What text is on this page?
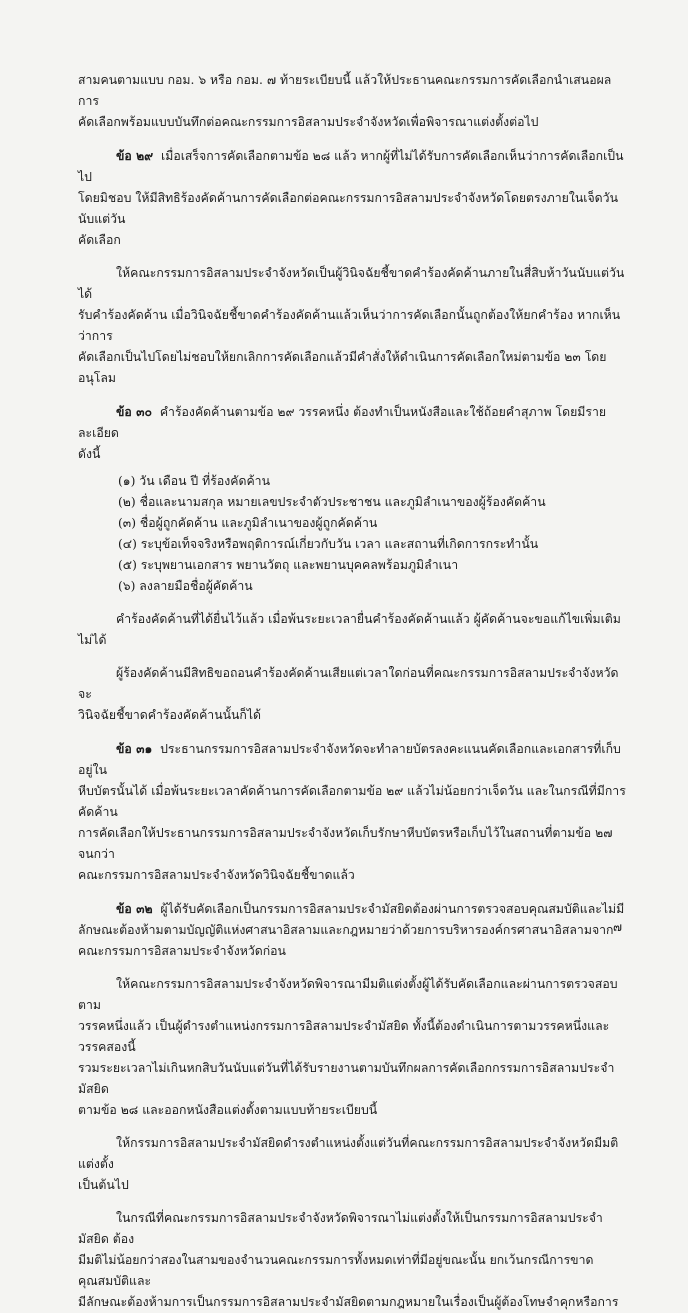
สามคนตามแบบ กอม. ๖ หรือ กอม. ๗ ท้ายระเบียบนี้ แล้วให้ประธานคณะกรรมการคัดเลือกนำเสนอผลการ

คัดเลือกพร้อมแบบบันทึกต่อคณะกรรมการอิสลามประจำจังหวัดเพื่อพิจารณาแต่งตั้งต่อไป

ข้อ ๒๙ เมื่อเสร็จการคัดเลือกตามข้อ ๒๘ แล้ว หากผู้ที่ไม่ได้รับการคัดเลือกเห็นว่าการคัดเลือกเป็นไป

โดยมิชอบ ให้มีสิทธิร้องคัดค้านการคัดเลือกต่อคณะกรรมการอิสลามประจำจังหวัดโดยตรงภายในเจ็ดวันนับแต่วัน

คัดเลือก

ให้คณะกรรมการอิสลามประจำจังหวัดเป็นผู้วินิจฉัยชี้ขาดคำร้องคัดค้านภายในสี่สิบห้าวันนับแต่วันได้

รับคำร้องคัดค้าน เมื่อวินิจฉัยชี้ขาดคำร้องคัดค้านแล้วเห็นว่าการคัดเลือกนั้นถูกต้องให้ยกคำร้อง หากเห็นว่าการ

คัดเลือกเป็นไปโดยไม่ชอบให้ยกเลิกการคัดเลือกแล้วมีคำสั่งให้ดำเนินการคัดเลือกใหม่ตามข้อ ๒๓ โดยอนุโลม

ข้อ ๓๐ คำร้องคัดค้านตามข้อ ๒๙ วรรคหนึ่ง ต้องทำเป็นหนังสือและใช้ถ้อยคำสุภาพ โดยมีรายละเอียด

ดังนี้

(๑) วัน เดือน ปี ที่ร้องคัดค้าน

(๒) ชื่อและนามสกุล หมายเลขประจำตัวประชาชน และภูมิลำเนาของผู้ร้องคัดค้าน

(๓) ชื่อผู้ถูกคัดค้าน และภูมิลำเนาของผู้ถูกคัดค้าน

(๔) ระบุข้อเท็จจริงหรือพฤติการณ์เกี่ยวกับวัน เวลา และสถานที่เกิดการกระทำนั้น

(๕) ระบุพยานเอกสาร พยานวัตถุ และพยานบุคคลพร้อมภูมิลำเนา

(๖) ลงลายมือชื่อผู้คัดค้าน

คำร้องคัดค้านที่ได้ยื่นไว้แล้ว เมื่อพ้นระยะเวลายื่นคำร้องคัดค้านแล้ว ผู้คัดค้านจะขอแก้ไขเพิ่มเติมไม่ได้

ผู้ร้องคัดค้านมีสิทธิขอถอนคำร้องคัดค้านเสียแต่เวลาใดก่อนที่คณะกรรมการอิสลามประจำจังหวัดจะ

วินิจฉัยชี้ขาดคำร้องคัดค้านนั้นก็ได้

ข้อ ๓๑ ประธานกรรมการอิสลามประจำจังหวัดจะทำลายบัตรลงคะแนนคัดเลือกและเอกสารที่เก็บอยู่ใน

หีบบัตรนั้นได้ เมื่อพ้นระยะเวลาคัดค้านการคัดเลือกตามข้อ ๒๙ แล้วไม่น้อยกว่าเจ็ดวัน และในกรณีที่มีการคัดค้าน

การคัดเลือกให้ประธานกรรมการอิสลามประจำจังหวัดเก็บรักษาหีบบัตรหรือเก็บไว้ในสถานที่ตามข้อ ๒๗ จนกว่า

คณะกรรมการอิสลามประจำจังหวัดวินิจฉัยชี้ขาดแล้ว

ข้อ ๓๒ ผู้ได้รับคัดเลือกเป็นกรรมการอิสลามประจำมัสยิดต้องผ่านการตรวจสอบคุณสมบัติและไม่มี

ลักษณะต้องห้ามตามบัญญัติแห่งศาสนาอิสลามและกฎหมายว่าด้วยการบริหารองค์กรศาสนาอิสลามจาก

คณะกรรมการอิสลามประจำจังหวัดก่อน

ให้คณะกรรมการอิสลามประจำจังหวัดพิจารณามีมติแต่งตั้งผู้ได้รับคัดเลือกและผ่านการตรวจสอบตาม

วรรคหนึ่งแล้ว เป็นผู้ดำรงตำแหน่งกรรมการอิสลามประจำมัสยิด ทั้งนี้ต้องดำเนินการตามวรรคหนึ่งและวรรคสองนี้

รวมระยะเวลาไม่เกินหกสิบวันนับแต่วันที่ได้รับรายงานตามบันทึกผลการคัดเลือกกรรมการอิสลามประจำมัสยิด

ตามข้อ ๒๘ และออกหนังสือแต่งตั้งตามแบบท้ายระเบียบนี้

ให้กรรมการอิสลามประจำมัสยิดดำรงตำแหน่งตั้งแต่วันที่คณะกรรมการอิสลามประจำจังหวัดมีมติแต่งตั้ง

เป็นต้นไป

ในกรณีที่คณะกรรมการอิสลามประจำจังหวัดพิจารณาไม่แต่งตั้งให้เป็นกรรมการอิสลามประจำมัสยิด ต้อง

มีมติไม่น้อยกว่าสองในสามของจำนวนคณะกรรมการทั้งหมดเท่าที่มีอยู่ขณะนั้น ยกเว้นกรณีการขาดคุณสมบัติและ

มีลักษณะต้องห้ามการเป็นกรรมการอิสลามประจำมัสยิดตามกฎหมายในเรื่องเป็นผู้ต้องโทษจำคุกหรือการ

๗
